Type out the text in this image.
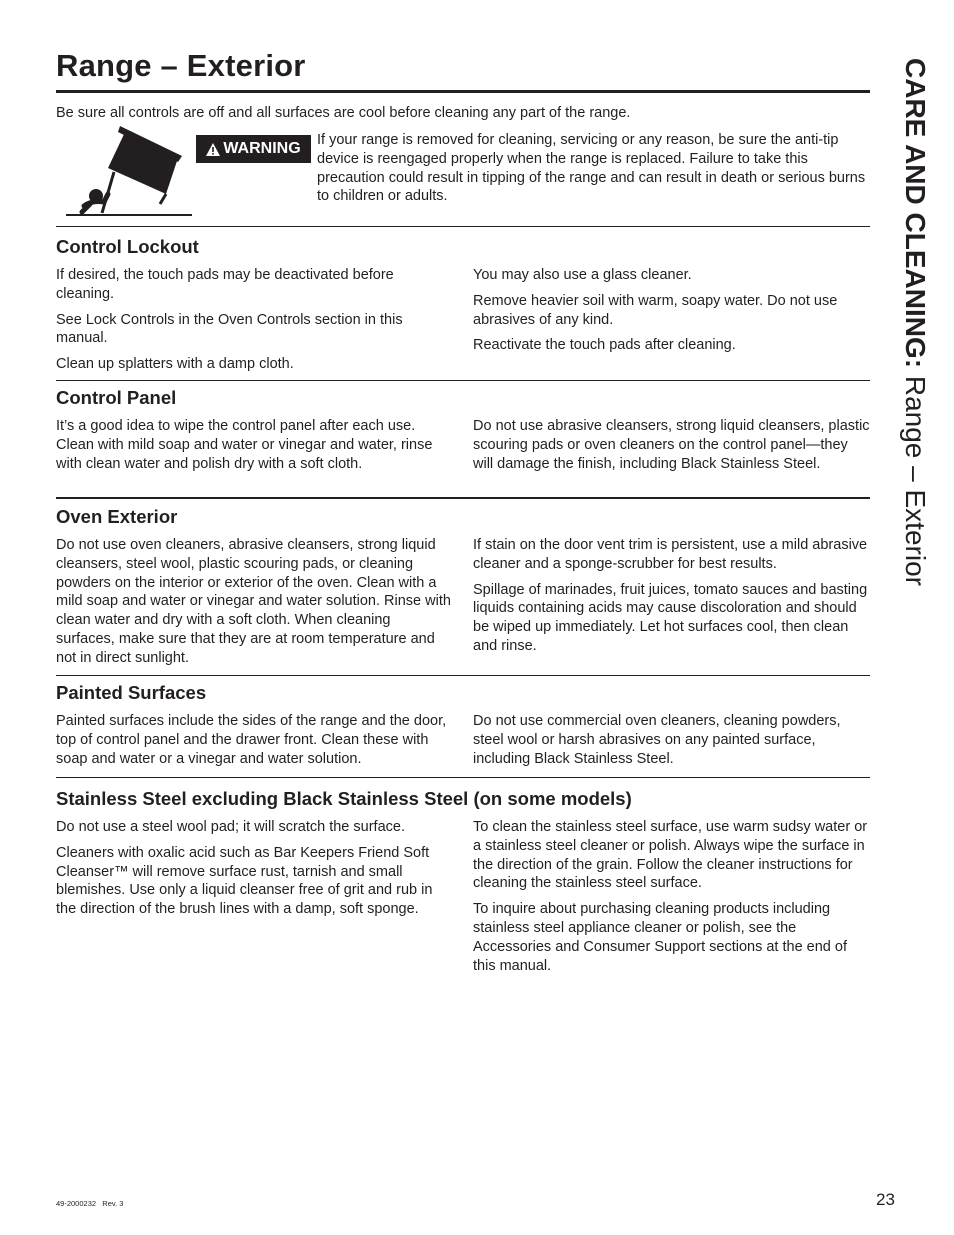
Range – Exterior

Be sure all controls are off and all surfaces are cool before cleaning any part of the range.

WARNING If your range is removed for cleaning, servicing or any reason, be sure the anti-tip device is reengaged properly when the range is replaced. Failure to take this precaution could result in tipping of the range and can result in death or serious burns to children or adults.

Control Lockout

If desired, the touch pads may be deactivated before cleaning.

See Lock Controls in the Oven Controls section in this manual.

Clean up splatters with a damp cloth.

You may also use a glass cleaner.

Remove heavier soil with warm, soapy water. Do not use abrasives of any kind.

Reactivate the touch pads after cleaning.

Control Panel

It’s a good idea to wipe the control panel after each use. Clean with mild soap and water or vinegar and water, rinse with clean water and polish dry with a soft cloth.

Do not use abrasive cleansers, strong liquid cleansers, plastic scouring pads or oven cleaners on the control panel—they will damage the finish, including Black Stainless Steel.

Oven Exterior

Do not use oven cleaners, abrasive cleansers, strong liquid cleansers, steel wool, plastic scouring pads, or cleaning powders on the interior or exterior of the oven. Clean with a mild soap and water or vinegar and water solution. Rinse with clean water and dry with a soft cloth. When cleaning surfaces, make sure that they are at room temperature and not in direct sunlight.

If stain on the door vent trim is persistent, use a mild abrasive cleaner and a sponge-scrubber for best results.

Spillage of marinades, fruit juices, tomato sauces and basting liquids containing acids may cause discoloration and should be wiped up immediately. Let hot surfaces cool, then clean and rinse.

Painted Surfaces

Painted surfaces include the sides of the range and the door, top of control panel and the drawer front. Clean these with soap and water or a vinegar and water solution.

Do not use commercial oven cleaners, cleaning powders, steel wool or harsh abrasives on any painted surface, including Black Stainless Steel.

Stainless Steel excluding Black Stainless Steel (on some models)

Do not use a steel wool pad; it will scratch the surface.

Cleaners with oxalic acid such as Bar Keepers Friend Soft Cleanser™ will remove surface rust, tarnish and small blemishes. Use only a liquid cleanser free of grit and rub in the direction of the brush lines with a damp, soft sponge.

To clean the stainless steel surface, use warm sudsy water or a stainless steel cleaner or polish. Always wipe the surface in the direction of the grain. Follow the cleaner instructions for cleaning the stainless steel surface.

To inquire about purchasing cleaning products including stainless steel appliance cleaner or polish, see the Accessories and Consumer Support sections at the end of this manual.

CARE AND CLEANING: Range – Exterior
49-2000232   Rev. 3	23
